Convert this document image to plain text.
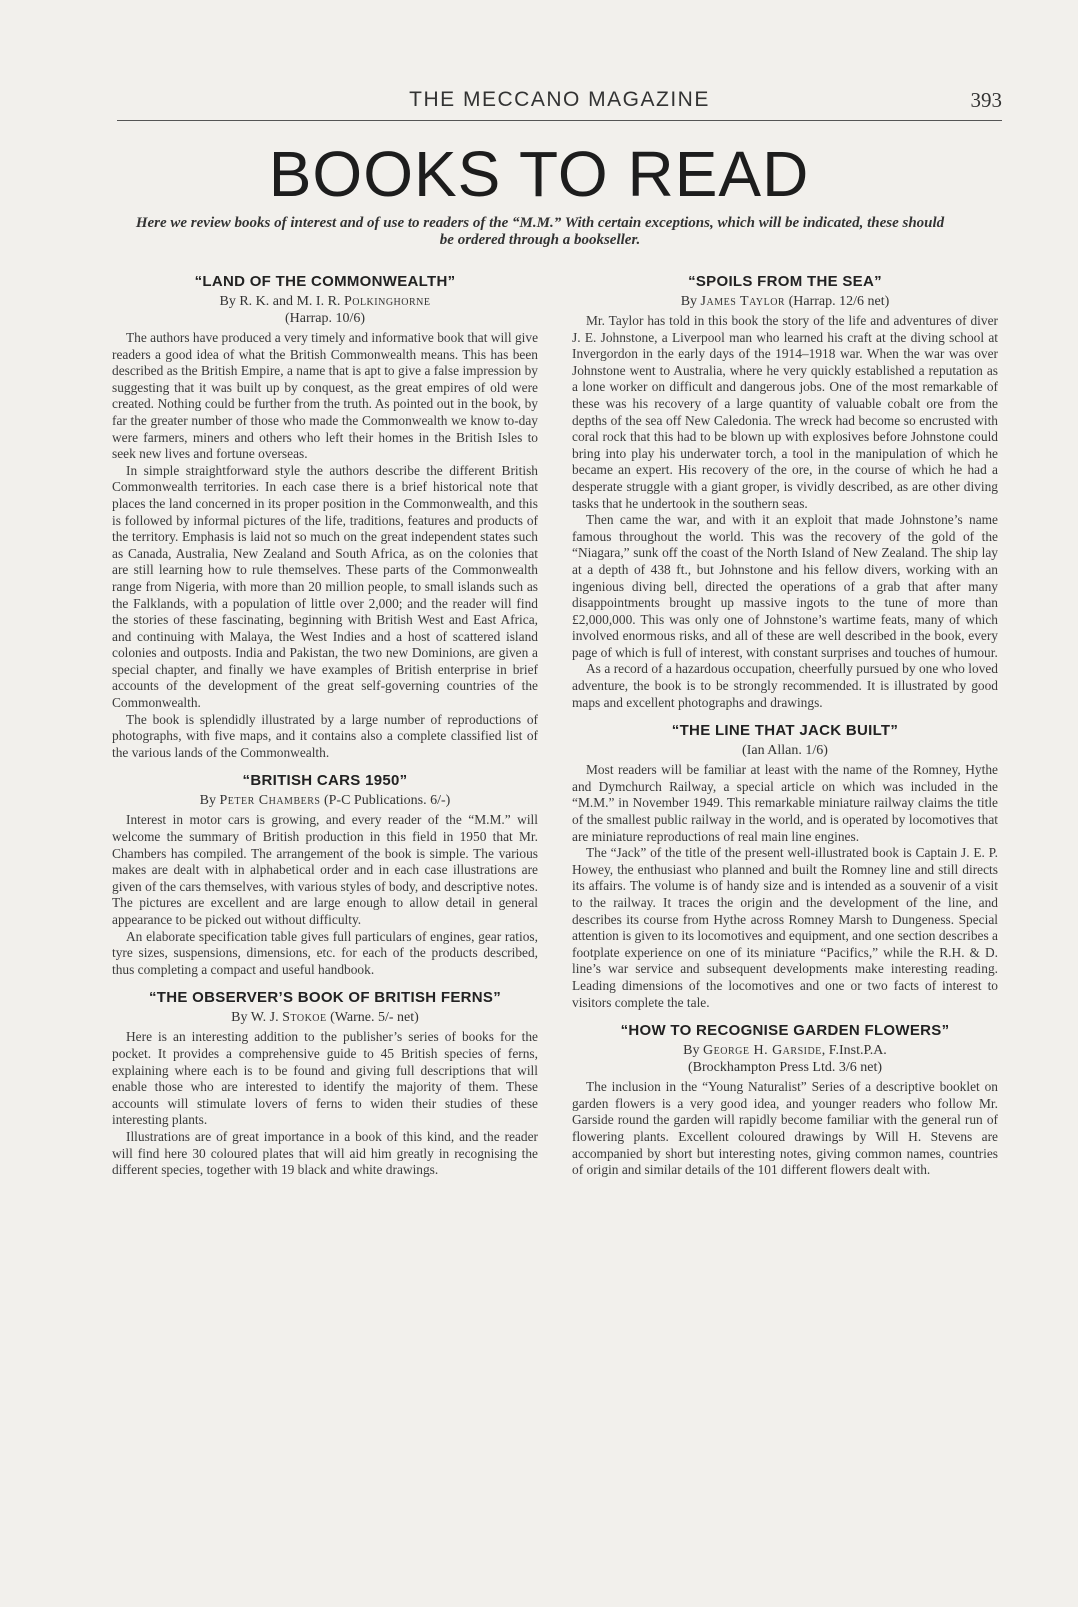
THE MECCANO MAGAZINE	393
BOOKS TO READ
Here we review books of interest and of use to readers of the “M.M.” With certain exceptions, which will be indicated, these should be ordered through a bookseller.
“LAND OF THE COMMONWEALTH”
By R. K. and M. I. R. Polkinghorne
(Harrap. 10/6)

The authors have produced a very timely and informative book that will give readers a good idea of what the British Commonwealth means. This has been described as the British Empire, a name that is apt to give a false impression by suggesting that it was built up by conquest, as the great empires of old were created. Nothing could be further from the truth. As pointed out in the book, by far the greater number of those who made the Commonwealth we know to-day were farmers, miners and others who left their homes in the British Isles to seek new lives and fortune overseas.

In simple straightforward style the authors describe the different British Commonwealth territories. In each case there is a brief historical note that places the land concerned in its proper position in the Commonwealth, and this is followed by informal pictures of the life, traditions, features and products of the territory. Emphasis is laid not so much on the great independent states such as Canada, Australia, New Zealand and South Africa, as on the colonies that are still learning how to rule themselves. These parts of the Commonwealth range from Nigeria, with more than 20 million people, to small islands such as the Falklands, with a population of little over 2,000; and the reader will find the stories of these fascinating, beginning with British West and East Africa, and continuing with Malaya, the West Indies and a host of scattered island colonies and outposts. India and Pakistan, the two new Dominions, are given a special chapter, and finally we have examples of British enterprise in brief accounts of the development of the great self-governing countries of the Commonwealth.

The book is splendidly illustrated by a large number of reproductions of photographs, with five maps, and it contains also a complete classified list of the various lands of the Commonwealth.

“BRITISH CARS 1950”
By Peter Chambers (P-C Publications. 6/-)

Interest in motor cars is growing, and every reader of the “M.M.” will welcome the summary of British production in this field in 1950 that Mr. Chambers has compiled. The arrangement of the book is simple. The various makes are dealt with in alphabetical order and in each case illustrations are given of the cars themselves, with various styles of body, and descriptive notes. The pictures are excellent and are large enough to allow detail in general appearance to be picked out without difficulty.

An elaborate specification table gives full particulars of engines, gear ratios, tyre sizes, suspensions, dimensions, etc. for each of the products described, thus completing a compact and useful handbook.

“THE OBSERVER’S BOOK OF BRITISH FERNS”
By W. J. Stokoe (Warne. 5/- net)

Here is an interesting addition to the publisher’s series of books for the pocket. It provides a comprehensive guide to 45 British species of ferns, explaining where each is to be found and giving full descriptions that will enable those who are interested to identify the majority of them. These accounts will stimulate lovers of ferns to widen their studies of these interesting plants.

Illustrations are of great importance in a book of this kind, and the reader will find here 30 coloured plates that will aid him greatly in recognising the different species, together with 19 black and white drawings.

“SPOILS FROM THE SEA”
By James Taylor (Harrap. 12/6 net)

Mr. Taylor has told in this book the story of the life and adventures of diver J. E. Johnstone, a Liverpool man who learned his craft at the diving school at Invergordon in the early days of the 1914–1918 war. When the war was over Johnstone went to Australia, where he very quickly established a reputation as a lone worker on difficult and dangerous jobs. One of the most remarkable of these was his recovery of a large quantity of valuable cobalt ore from the depths of the sea off New Caledonia. The wreck had become so encrusted with coral rock that this had to be blown up with explosives before Johnstone could bring into play his underwater torch, a tool in the manipulation of which he became an expert. His recovery of the ore, in the course of which he had a desperate struggle with a giant groper, is vividly described, as are other diving tasks that he undertook in the southern seas.

Then came the war, and with it an exploit that made Johnstone’s name famous throughout the world. This was the recovery of the gold of the “Niagara,” sunk off the coast of the North Island of New Zealand. The ship lay at a depth of 438 ft., but Johnstone and his fellow divers, working with an ingenious diving bell, directed the operations of a grab that after many disappointments brought up massive ingots to the tune of more than £2,000,000. This was only one of Johnstone’s wartime feats, many of which involved enormous risks, and all of these are well described in the book, every page of which is full of interest, with constant surprises and touches of humour.

As a record of a hazardous occupation, cheerfully pursued by one who loved adventure, the book is to be strongly recommended. It is illustrated by good maps and excellent photographs and drawings.

“THE LINE THAT JACK BUILT”
(Ian Allan. 1/6)

Most readers will be familiar at least with the name of the Romney, Hythe and Dymchurch Railway, a special article on which was included in the “M.M.” in November 1949. This remarkable miniature railway claims the title of the smallest public railway in the world, and is operated by locomotives that are miniature reproductions of real main line engines.

The “Jack” of the title of the present well-illustrated book is Captain J. E. P. Howey, the enthusiast who planned and built the Romney line and still directs its affairs. The volume is of handy size and is intended as a souvenir of a visit to the railway. It traces the origin and the development of the line, and describes its course from Hythe across Romney Marsh to Dungeness. Special attention is given to its locomotives and equipment, and one section describes a footplate experience on one of its miniature “Pacifics,” while the R.H. & D. line’s war service and subsequent developments make interesting reading. Leading dimensions of the locomotives and one or two facts of interest to visitors complete the tale.

“HOW TO RECOGNISE GARDEN FLOWERS”
By George H. Garside, F.Inst.P.A.
(Brockhampton Press Ltd. 3/6 net)

The inclusion in the “Young Naturalist” Series of a descriptive booklet on garden flowers is a very good idea, and younger readers who follow Mr. Garside round the garden will rapidly become familiar with the general run of flowering plants. Excellent coloured drawings by Will H. Stevens are accompanied by short but interesting notes, giving common names, countries of origin and similar details of the 101 different flowers dealt with.
